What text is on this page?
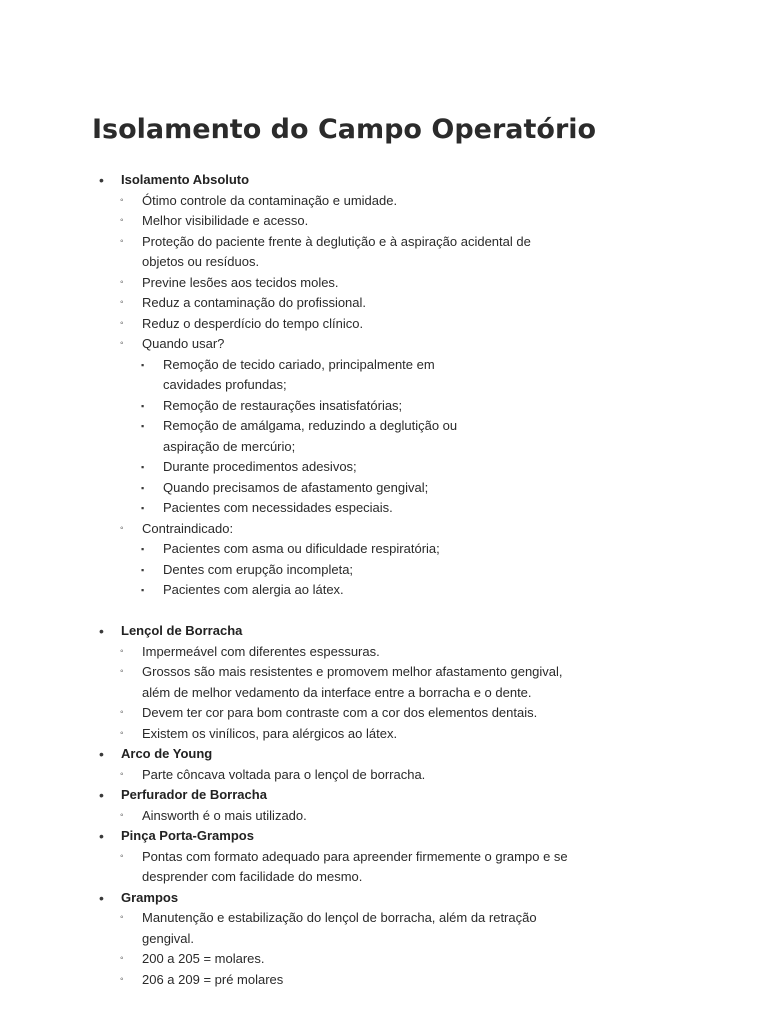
Isolamento do Campo Operatório
• Isolamento Absoluto
◦ Ótimo controle da contaminação e umidade.
◦ Melhor visibilidade e acesso.
◦ Proteção do paciente frente à deglutição e à aspiração acidental de objetos ou resíduos.
◦ Previne lesões aos tecidos moles.
◦ Reduz a contaminação do profissional.
◦ Reduz o desperdício do tempo clínico.
◦ Quando usar?
▪ Remoção de tecido cariado, principalmente em cavidades profundas;
▪ Remoção de restaurações insatisfatórias;
▪ Remoção de amálgama, reduzindo a deglutição ou aspiração de mercúrio;
▪ Durante procedimentos adesivos;
▪ Quando precisamos de afastamento gengival;
▪ Pacientes com necessidades especiais.
◦ Contraindicado:
▪ Pacientes com asma ou dificuldade respiratória;
▪ Dentes com erupção incompleta;
▪ Pacientes com alergia ao látex.
• Lençol de Borracha
◦ Impermeável com diferentes espessuras.
◦ Grossos são mais resistentes e promovem melhor afastamento gengival, além de melhor vedamento da interface entre a borracha e o dente.
◦ Devem ter cor para bom contraste com a cor dos elementos dentais.
◦ Existem os vinílicos, para alérgicos ao látex.
• Arco de Young
◦ Parte côncava voltada para o lençol de borracha.
• Perfurador de Borracha
◦ Ainsworth é o mais utilizado.
• Pinça Porta-Grampos
◦ Pontas com formato adequado para apreender firmemente o grampo e se desprender com facilidade do mesmo.
• Grampos
◦ Manutenção e estabilização do lençol de borracha, além da retração gengival.
◦ 200 a 205 = molares.
◦ 206 a 209 = pré molares
